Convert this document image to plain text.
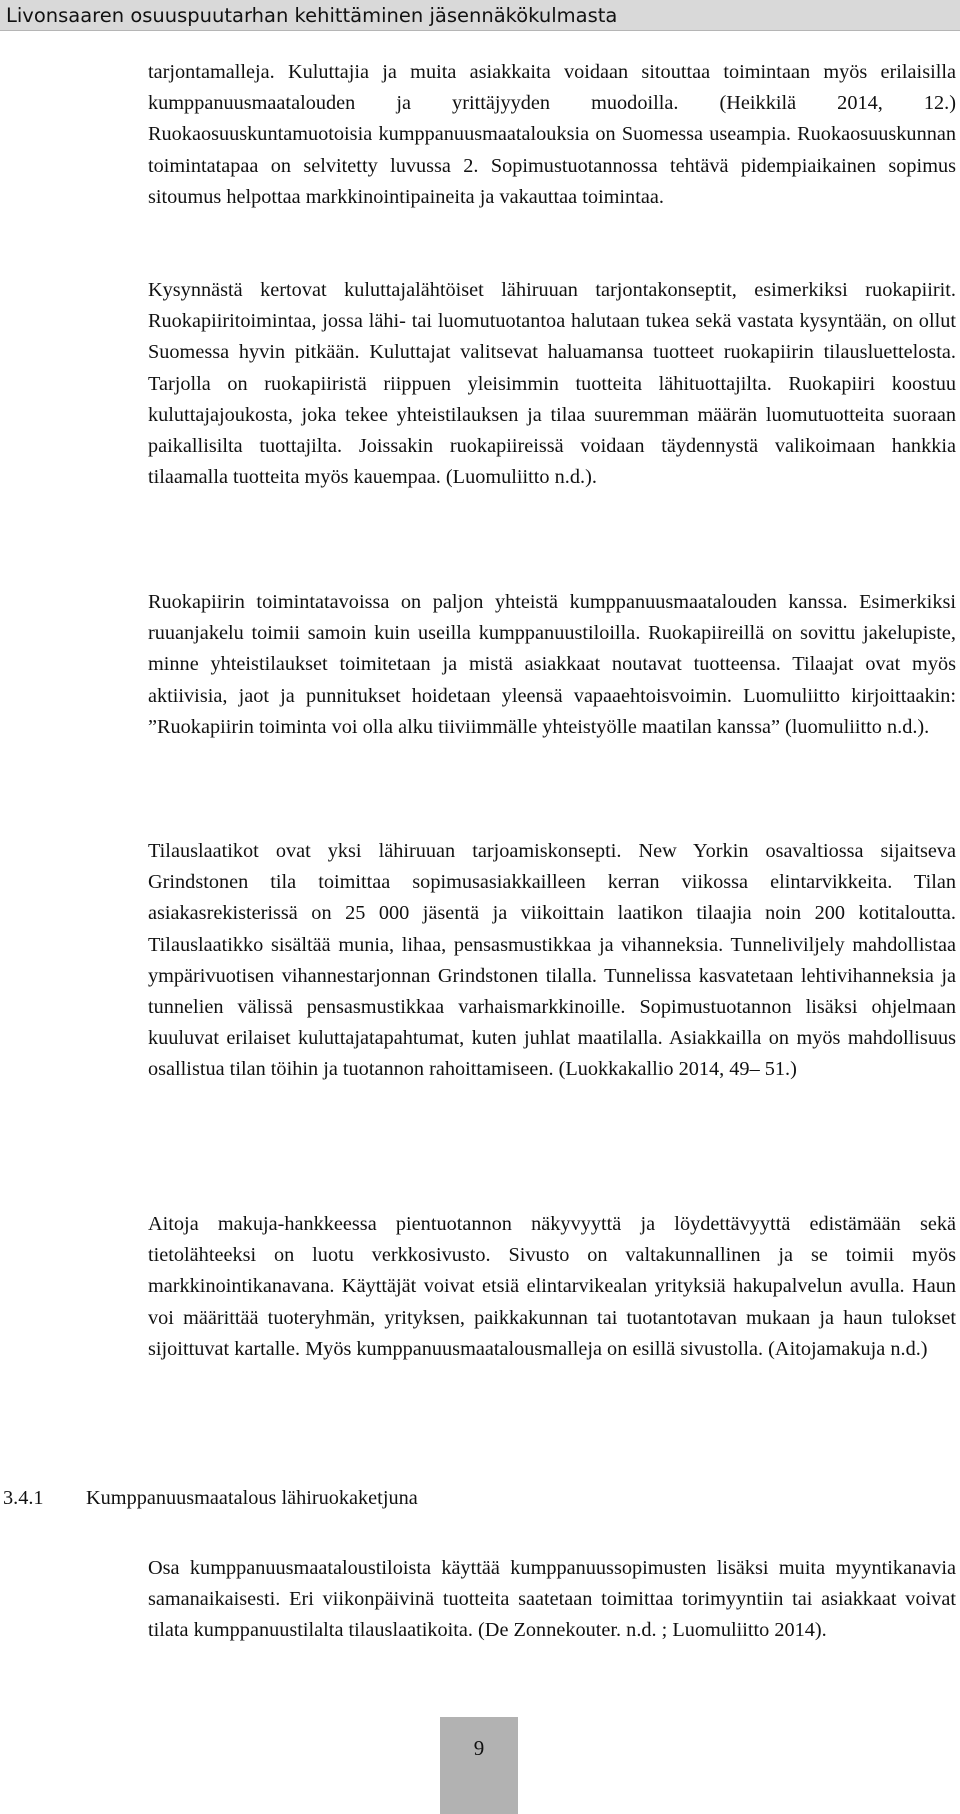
Livonsaaren osuuspuutarhan kehittäminen jäsennäkökulmasta
tarjontamalleja. Kuluttajia ja muita asiakkaita voidaan sitouttaa toimintaan myös erilaisilla kumppanuusmaatalouden ja yrittäjyyden muodoilla. (Heikkilä 2014, 12.) Ruokaosuuskuntamuotoisia kumppanuusmaatalouksia on Suomessa useampia. Ruokaosuuskunnan toimintatapaa on selvitetty luvussa 2. Sopimustuotannossa tehtävä pidempiaikainen sopimus sitoumus helpottaa markkinointipaineita ja vakauttaa toimintaa.
Kysynnästä kertovat kuluttajalähtöiset lähiruuan tarjontakonseptit, esimerkiksi ruokapiirit. Ruokapiiritoimintaa, jossa lähi- tai luomutuotantoa halutaan tukea sekä vastata kysyntään, on ollut Suomessa hyvin pitkään. Kuluttajat valitsevat haluamansa tuotteet ruokapiirin tilausluettelosta. Tarjolla on ruokapiiristä riippuen yleisimmin tuotteita lähituottajilta. Ruokapiiri koostuu kuluttajajoukosta, joka tekee yhteistilauksen ja tilaa suuremman määrän luomutuotteita suoraan paikallisilta tuottajilta. Joissakin ruokapiireissä voidaan täydennystä valikoimaan hankkia tilaamalla tuotteita myös kauempaa. (Luomuliitto n.d.).
Ruokapiirin toimintatavoissa on paljon yhteistä kumppanuusmaatalouden kanssa. Esimerkiksi ruuanjakelu toimii samoin kuin useilla kumppanuustiloilla. Ruokapiireillä on sovittu jakelupiste, minne yhteistilaukset toimitetaan ja mistä asiakkaat noutavat tuotteensa. Tilaajat ovat myös aktiivisia, jaot ja punnitukset hoidetaan yleensä vapaaehtoisvoimin. Luomuliitto kirjoittaakin: ”Ruokapiirin toiminta voi olla alku tiiviimmälle yhteistyölle maatilan kanssa” (luomuliitto n.d.).
Tilauslaatikot ovat yksi lähiruuan tarjoamiskonsepti. New Yorkin osavaltiossa sijaitseva Grindstonen tila toimittaa sopimusasiakkailleen kerran viikossa elintarvikkeita. Tilan asiakasrekisterissä on 25 000 jäsentä ja viikoittain laatikon tilaajia noin 200 kotitaloutta. Tilauslaatikko sisältää munia, lihaa, pensasmustikkaa ja vihanneksia. Tunneliviljely mahdollistaa ympärivuotisen vihannestarjonnan Grindstonen tilalla. Tunnelissa kasvatetaan lehtivihanneksia ja tunnelien välissä pensasmustikkaa varhaismarkkinoille. Sopimustuotannon lisäksi ohjelmaan kuuluvat erilaiset kuluttajatapahtumat, kuten juhlat maatilalla. Asiakkailla on myös mahdollisuus osallistua tilan töihin ja tuotannon rahoittamiseen. (Luokkakallio 2014, 49– 51.)
Aitoja makuja-hankkeessa pientuotannon näkyvyyttä ja löydettävyyttä edistämään sekä tietolähteeksi on luotu verkkosivusto. Sivusto on valtakunnallinen ja se toimii myös markkinointikanavana. Käyttäjät voivat etsiä elintarvikealan yrityksiä hakupalvelun avulla. Haun voi määrittää tuoteryhmän, yrityksen, paikkakunnan tai tuotantotavan mukaan ja haun tulokset sijoittuvat kartalle. Myös kumppanuusmaatalousmalleja on esillä sivustolla. (Aitojamakuja n.d.)
3.4.1 Kumppanuusmaatalous lähiruokaketjuna
Osa kumppanuusmaataloustiloista käyttää kumppanuussopimusten lisäksi muita myyntikanavia samanaikaisesti. Eri viikonpäivinä tuotteita saatetaan toimittaa torimyyntiin tai asiakkaat voivat tilata kumppanuustilalta tilauslaatikoita. (De Zonnekouter. n.d. ; Luomuliitto 2014).
9
